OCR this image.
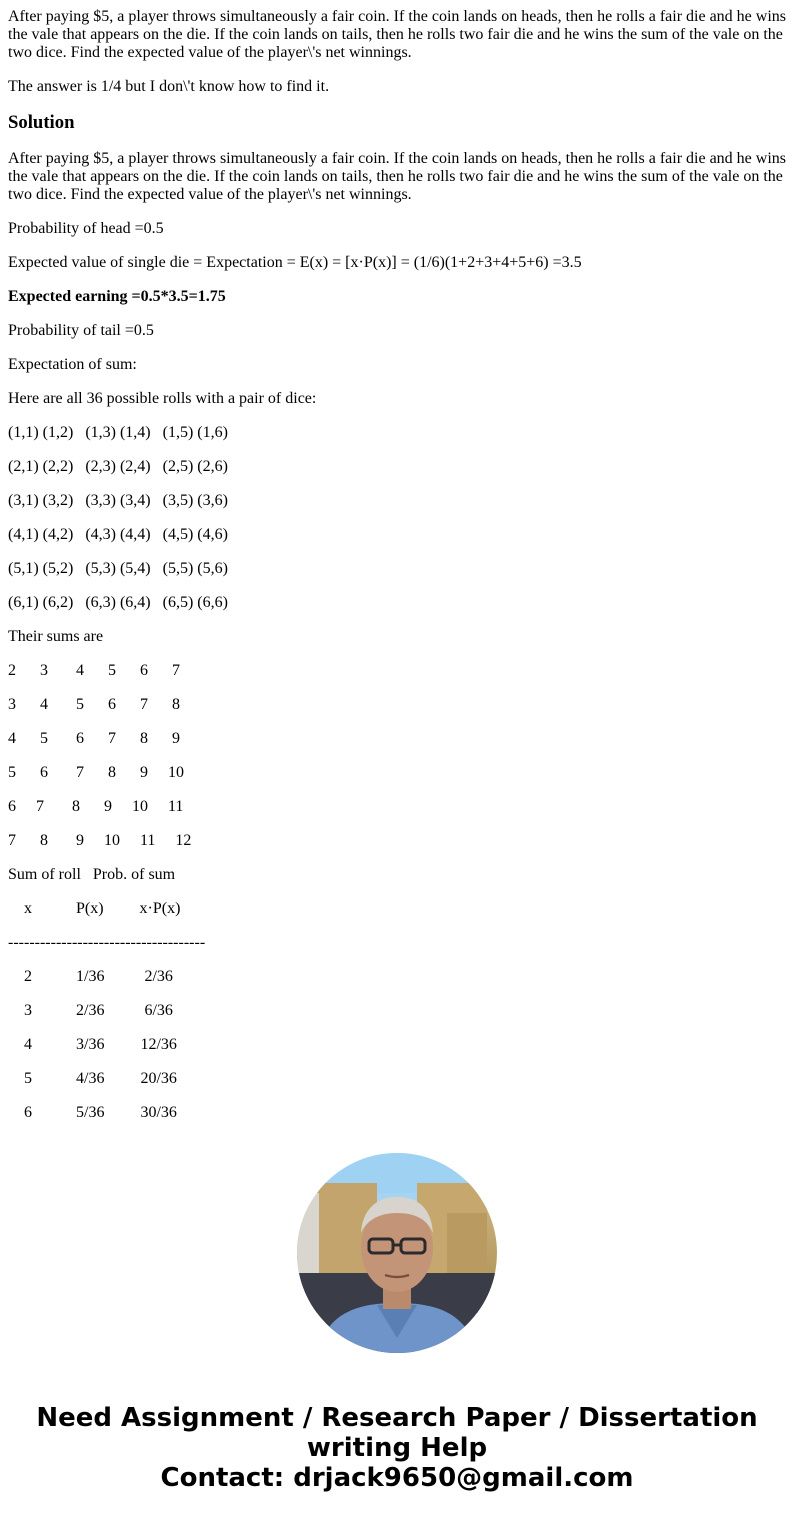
After paying $5, a player throws simultaneously a fair coin. If the coin lands on heads, then he rolls a fair die and he wins the vale that appears on the die. If the coin lands on tails, then he rolls two fair die and he wins the sum of the vale on the two dice. Find the expected value of the player\'s net winnings.

The answer is 1/4 but I don\'t know how to find it.

Solution

After paying $5, a player throws simultaneously a fair coin. If the coin lands on heads, then he rolls a fair die and he wins the vale that appears on the die. If the coin lands on tails, then he rolls two fair die and he wins the sum of the vale on the two dice. Find the expected value of the player\'s net winnings.

Probability of head =0.5

Expected value of single die = Expectation = E(x) = [x·P(x)] = (1/6)(1+2+3+4+5+6) =3.5

Expected earning =0.5*3.5=1.75

Probability of tail =0.5

Expectation of sum:

Here are all 36 possible rolls with a pair of dice:

(1,1) (1,2)   (1,3) (1,4)   (1,5) (1,6)

(2,1) (2,2)   (2,3) (2,4)   (2,5) (2,6)

(3,1) (3,2)   (3,3) (3,4)   (3,5) (3,6)

(4,1) (4,2)   (4,3) (4,4)   (4,5) (4,6)

(5,1) (5,2)   (5,3) (5,4)   (5,5) (5,6)

(6,1) (6,2)   (6,3) (6,4)   (6,5) (6,6)

Their sums are

2      3       4      5      6      7

3      4       5      6      7      8

4      5       6      7      8      9

5      6       7      8      9     10

6     7       8      9     10     11

7      8       9     10     11     12

Sum of roll   Prob. of sum

x           P(x)         x·P(x)

-------------------------------------

2           1/36          2/36

3           2/36          6/36

4           3/36         12/36

5           4/36         20/36

6           5/36         30/36

Need Assignment / Research Paper / Dissertation
writing Help
Contact: drjack9650@gmail.com
